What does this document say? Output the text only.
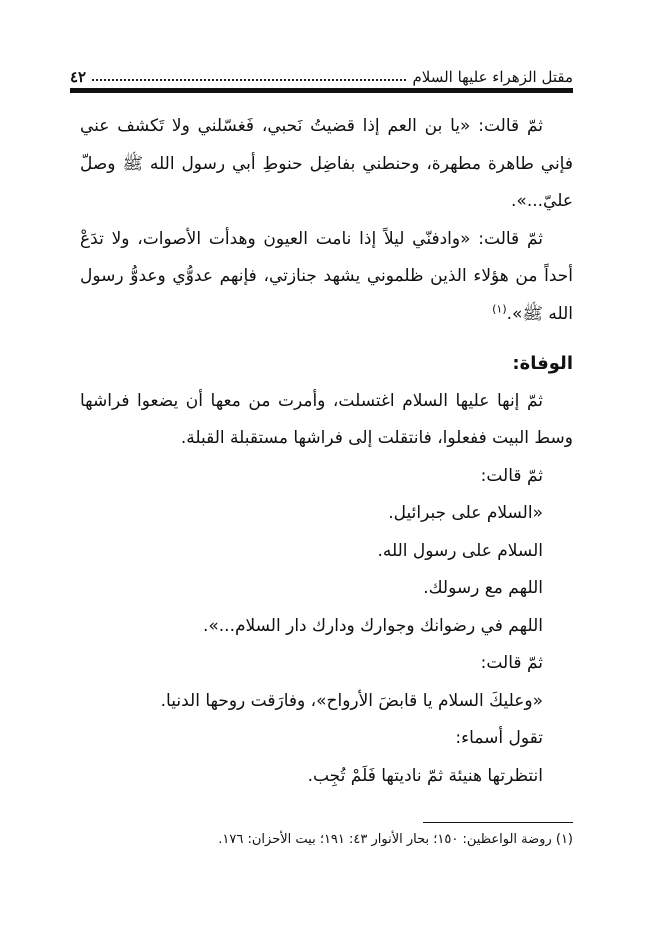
مقتل الزهراء عليها السلام
٤٢

ثمّ قالت: «يا بن العم إذا قضيتُ نَحبي، فَغسّلني ولا تَكشف عني فإني طاهرة مطهرة، وحنطني بفاضِل حنوطِ أبي رسول الله ﷺ وصلّ عليّ...».

ثمّ قالت: «وادفنّي ليلاً إذا نامت العيون وهدأت الأصوات، ولا تدَعْ أحداً من هؤلاء الذين ظلموني يشهد جنازتي، فإنهم عدوُّي وعدوُّ رسول الله ﷺ».$^{(١)}$

الوفاة:

ثمّ إنها عليها السلام اغتسلت، وأمرت من معها أن يضعوا فراشها وسط البيت ففعلوا، فانتقلت إلى فراشها مستقبلة القبلة.

ثمّ قالت:

«السلام على جبرائيل.

السلام على رسول الله.

اللهم مع رسولك.

اللهم في رضوانك وجوارك ودارك دار السلام...».

ثمّ قالت:

«وعليكَ السلام يا قابضَ الأرواح»، وفارَقت روحها الدنيا.

تقول أسماء:

انتظرتها هنيئة ثمّ ناديتها فَلَمْ تُجِب.

(١) روضة الواعظين: ١٥٠؛ بحار الأنوار ٤٣: ١٩١؛ بيت الأحزان: ١٧٦.
